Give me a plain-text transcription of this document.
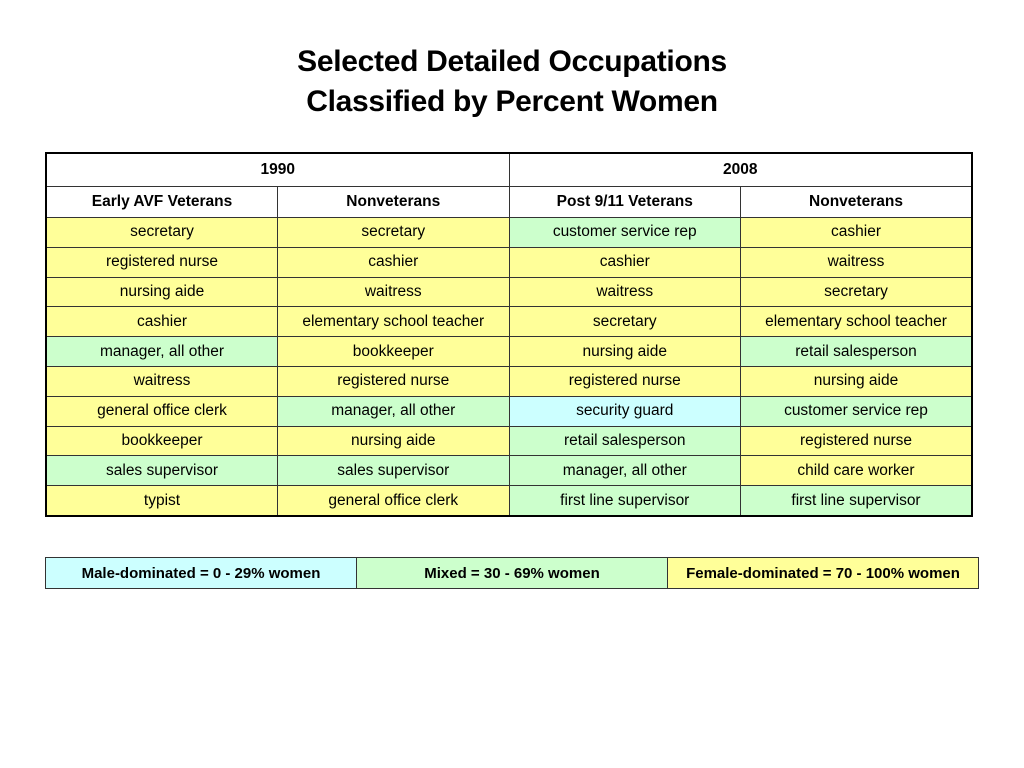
Selected Detailed Occupations
Classified by Percent Women
1990		2008	
Early AVF Veterans	Nonveterans	Post 9/11 Veterans	Nonveterans
secretary	secretary	customer service rep	cashier
registered nurse	cashier	cashier	waitress
nursing aide	waitress	waitress	secretary
cashier	elementary school teacher	secretary	elementary school teacher
manager, all other	bookkeeper	nursing aide	retail salesperson
waitress	registered nurse	registered nurse	nursing aide
general office clerk	manager, all other	security guard	customer service rep
bookkeeper	nursing aide	retail salesperson	registered nurse
sales supervisor	sales supervisor	manager, all other	child care worker
typist	general office clerk	first line supervisor	first line supervisor
Male-dominated = 0 - 29% women	Mixed = 30 - 69% women	Female-dominated = 70 - 100% women
